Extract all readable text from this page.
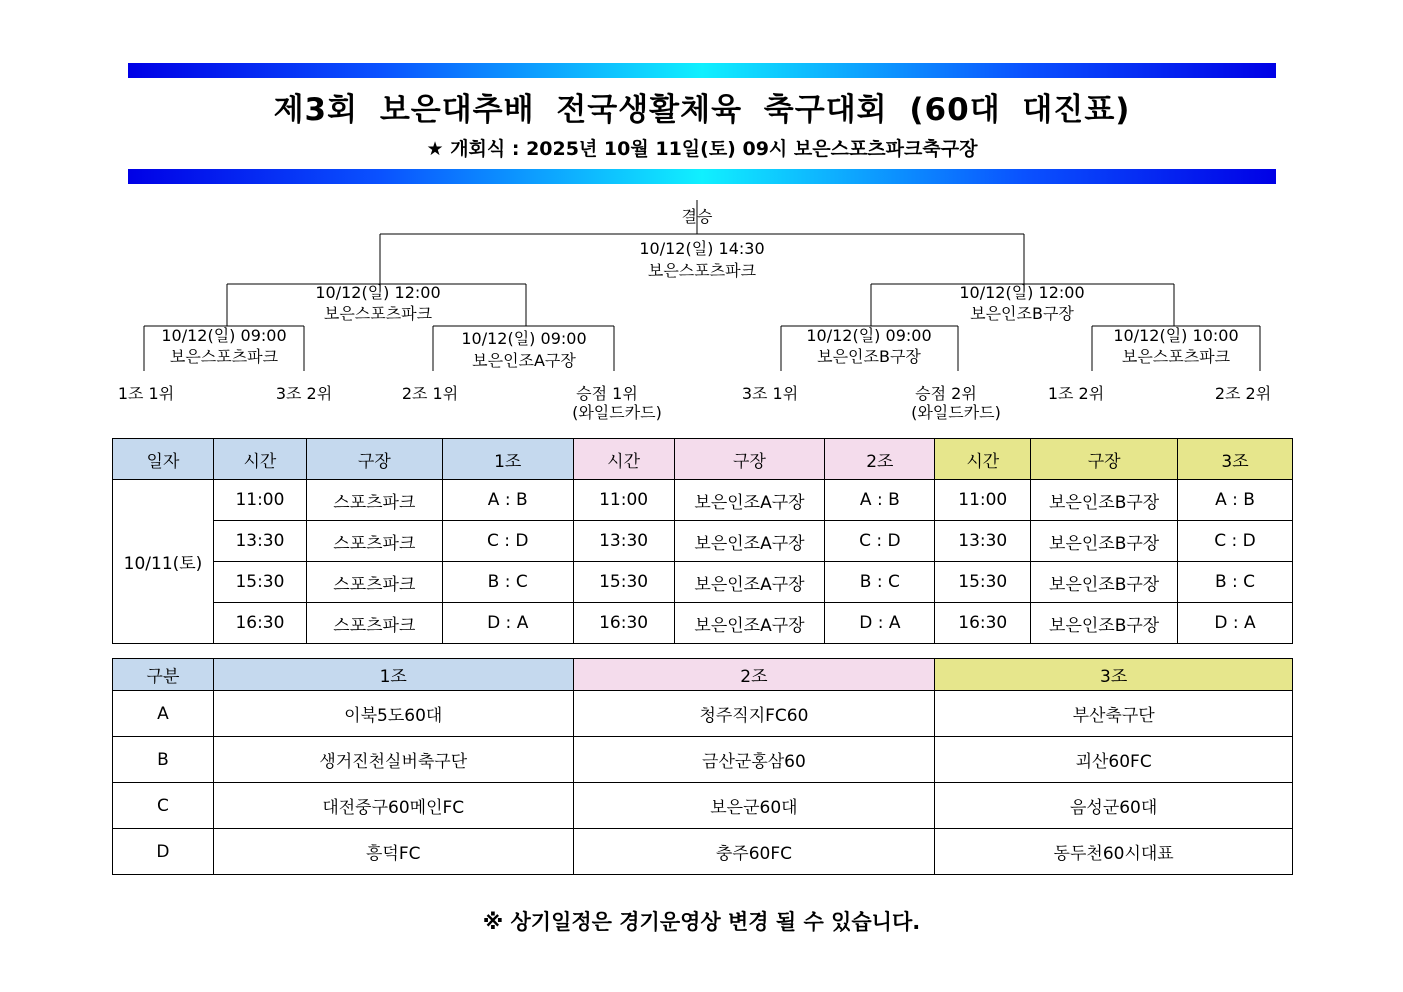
제3회 보은대추배 전국생활체육 축구대회 (60대 대진표)
★ 개회식 : 2025년 10월 11일(토) 09시 보은스포츠파크축구장
결승
10/12(일) 14:30
보은스포츠파크
10/12(일) 12:00
보은스포츠파크
10/12(일) 12:00
보은인조B구장
10/12(일) 09:00
보은스포츠파크
10/12(일) 09:00
보은인조A구장
10/12(일) 09:00
보은인조B구장
10/12(일) 10:00
보은스포츠파크
1조 1위	3조 2위	2조 1위	승점 1위
(와일드카드)
3조 1위	승점 2위
(와일드카드)
1조 2위	2조 2위
일자	시간	구장	1조	시간	구장	2조	시간	구장	3조
10/11(토)	11:00	스포츠파크	A : B	11:00	보은인조A구장	A : B	11:00	보은인조B구장	A : B
	13:30	스포츠파크	C : D	13:30	보은인조A구장	C : D	13:30	보은인조B구장	C : D
	15:30	스포츠파크	B : C	15:30	보은인조A구장	B : C	15:30	보은인조B구장	B : C
	16:30	스포츠파크	D : A	16:30	보은인조A구장	D : A	16:30	보은인조B구장	D : A
구분	1조	2조	3조
A	이북5도60대	청주직지FC60	부산축구단
B	생거진천실버축구단	금산군홍삼60	괴산60FC
C	대전중구60메인FC	보은군60대	음성군60대
D	흥덕FC	충주60FC	동두천60시대표
※ 상기일정은 경기운영상 변경 될 수 있습니다.
